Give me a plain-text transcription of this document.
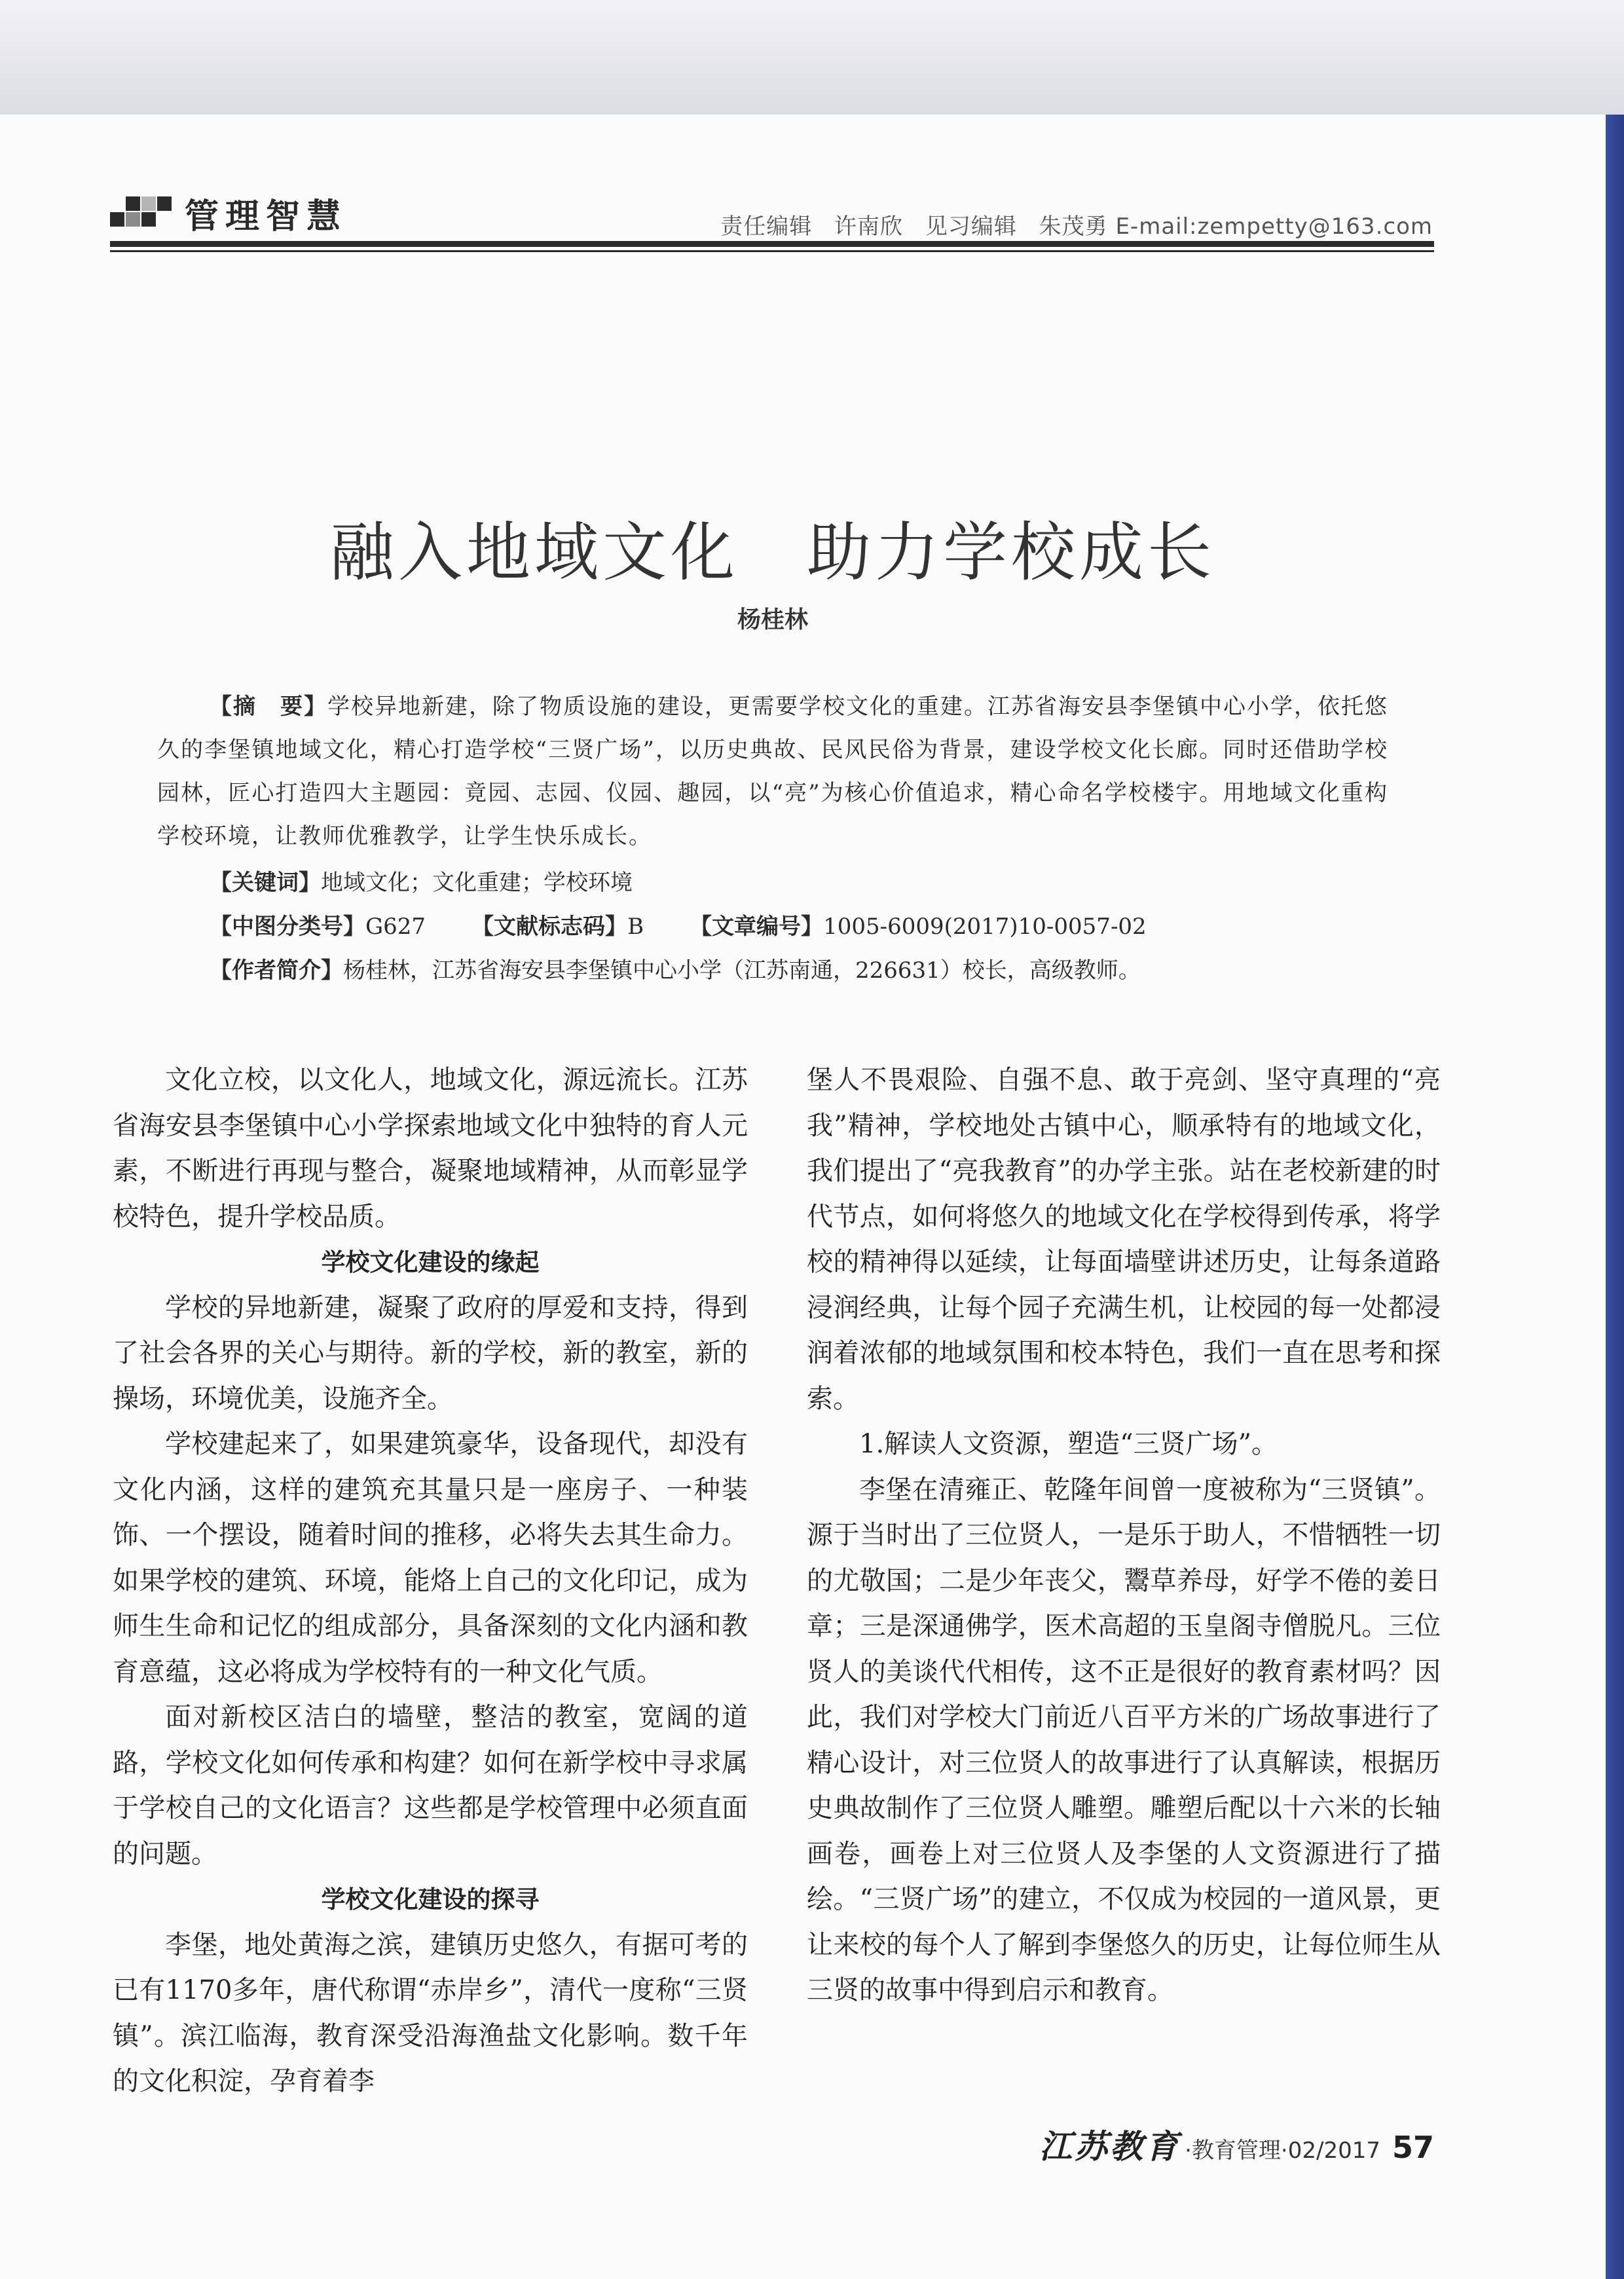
管理智慧	责任编辑 许南欣 见习编辑 朱茂勇 E-mail:zempetty@163.com
融入地域文化　助力学校成长
杨桂林
【摘　要】学校异地新建，除了物质设施的建设，更需要学校文化的重建。江苏省海安县李堡镇中心小学，依托悠久的李堡镇地域文化，精心打造学校“三贤广场”，以历史典故、民风民俗为背景，建设学校文化长廊。同时还借助学校园林，匠心打造四大主题园：竟园、志园、仪园、趣园，以“亮”为核心价值追求，精心命名学校楼宇。用地域文化重构学校环境，让教师优雅教学，让学生快乐成长。
【关键词】地域文化；文化重建；学校环境
【中图分类号】G627 【文献标志码】B 【文章编号】1005-6009(2017)10-0057-02
【作者简介】杨桂林，江苏省海安县李堡镇中心小学（江苏南通，226631）校长，高级教师。

文化立校，以文化人，地域文化，源远流长。江苏省海安县李堡镇中心小学探索地域文化中独特的育人元素，不断进行再现与整合，凝聚地域精神，从而彰显学校特色，提升学校品质。

学校文化建设的缘起

学校的异地新建，凝聚了政府的厚爱和支持，得到了社会各界的关心与期待。新的学校，新的教室，新的操场，环境优美，设施齐全。

学校建起来了，如果建筑豪华，设备现代，却没有文化内涵，这样的建筑充其量只是一座房子、一种装饰、一个摆设，随着时间的推移，必将失去其生命力。如果学校的建筑、环境，能烙上自己的文化印记，成为师生生命和记忆的组成部分，具备深刻的文化内涵和教育意蕴，这必将成为学校特有的一种文化气质。

面对新校区洁白的墙壁，整洁的教室，宽阔的道路，学校文化如何传承和构建？如何在新学校中寻求属于学校自己的文化语言？这些都是学校管理中必须直面的问题。

学校文化建设的探寻

李堡，地处黄海之滨，建镇历史悠久，有据可考的已有1170多年，唐代称谓“赤岸乡”，清代一度称“三贤镇”。滨江临海，教育深受沿海渔盐文化影响。数千年的文化积淀，孕育着李

堡人不畏艰险、自强不息、敢于亮剑、坚守真理的“亮我”精神，学校地处古镇中心，顺承特有的地域文化，我们提出了“亮我教育”的办学主张。站在老校新建的时代节点，如何将悠久的地域文化在学校得到传承，将学校的精神得以延续，让每面墙壁讲述历史，让每条道路浸润经典，让每个园子充满生机，让校园的每一处都浸润着浓郁的地域氛围和校本特色，我们一直在思考和探索。

1.解读人文资源，塑造“三贤广场”。

李堡在清雍正、乾隆年间曾一度被称为“三贤镇”。源于当时出了三位贤人，一是乐于助人，不惜牺牲一切的尤敬国；二是少年丧父，鬻草养母，好学不倦的姜日章；三是深通佛学，医术高超的玉皇阁寺僧脱凡。三位贤人的美谈代代相传，这不正是很好的教育素材吗？因此，我们对学校大门前近八百平方米的广场故事进行了精心设计，对三位贤人的故事进行了认真解读，根据历史典故制作了三位贤人雕塑。雕塑后配以十六米的长轴画卷，画卷上对三位贤人及李堡的人文资源进行了描绘。“三贤广场”的建立，不仅成为校园的一道风景，更让来校的每个人了解到李堡悠久的历史，让每位师生从三贤的故事中得到启示和教育。

江苏教育 ·教育管理·02/2017 57
